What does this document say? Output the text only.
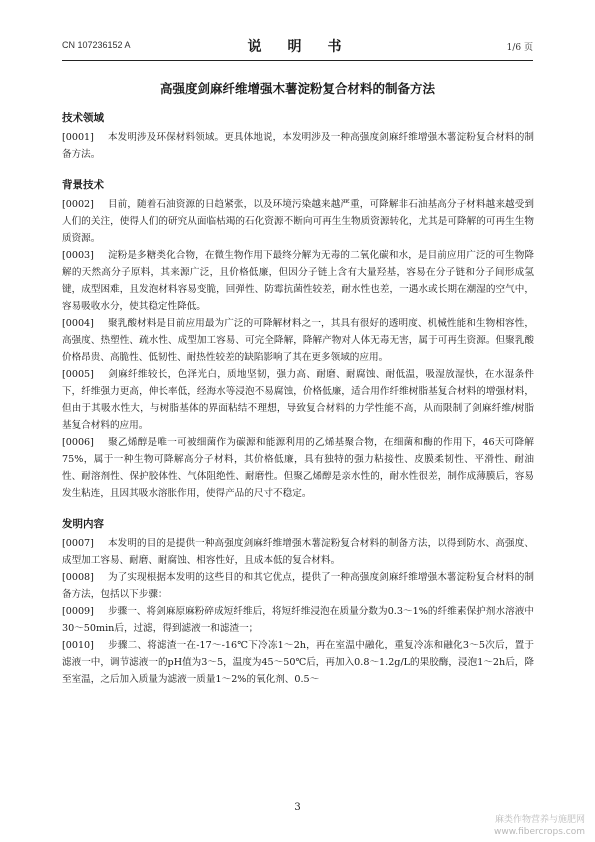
CN 107236152 A	说　明　书	1/6 页
高强度剑麻纤维增强木薯淀粉复合材料的制备方法
技术领域

[0001] 本发明涉及环保材料领域。更具体地说，本发明涉及一种高强度剑麻纤维增强木薯淀粉复合材料的制备方法。

背景技术

[0002] 目前，随着石油资源的日趋紧张，以及环境污染越来越严重，可降解非石油基高分子材料越来越受到人们的关注，使得人们的研究从面临枯竭的石化资源不断向可再生生物质资源转化，尤其是可降解的可再生生物质资源。

[0003] 淀粉是多糖类化合物，在微生物作用下最终分解为无毒的二氧化碳和水，是目前应用广泛的可生物降解的天然高分子原料，其来源广泛，且价格低廉，但因分子链上含有大量羟基，容易在分子链和分子间形成氢键，成型困难，且发泡材料容易变脆，回弹性、防霉抗菌性较差，耐水性也差，一遇水或长期在潮湿的空气中，容易吸收水分，使其稳定性降低。

[0004] 聚乳酸材料是目前应用最为广泛的可降解材料之一，其具有很好的透明度、机械性能和生物相容性，高强度、热塑性、疏水性、成型加工容易、可完全降解，降解产物对人体无毒无害，属于可再生资源。但聚乳酸价格昂贵、高脆性、低韧性、耐热性较差的缺陷影响了其在更多领域的应用。

[0005] 剑麻纤维较长，色泽光白，质地坚韧，强力高、耐磨、耐腐蚀、耐低温，吸湿放湿快，在水湿条件下，纤维强力更高，伸长率低，经海水等浸泡不易腐蚀，价格低廉，适合用作纤维树脂基复合材料的增强材料，但由于其吸水性大，与树脂基体的界面粘结不理想，导致复合材料的力学性能不高，从而限制了剑麻纤维/树脂基复合材料的应用。

[0006] 聚乙烯醇是唯一可被细菌作为碳源和能源利用的乙烯基聚合物，在细菌和酶的作用下，46天可降解75%，属于一种生物可降解高分子材料，其价格低廉，具有独特的强力粘接性、皮膜柔韧性、平滑性、耐油性、耐溶剂性、保护胶体性、气体阻绝性、耐磨性。但聚乙烯醇是亲水性的，耐水性很差，制作成薄膜后，容易发生粘连，且因其吸水溶胀作用，使得产品的尺寸不稳定。

发明内容

[0007] 本发明的目的是提供一种高强度剑麻纤维增强木薯淀粉复合材料的制备方法，以得到防水、高强度、成型加工容易、耐磨、耐腐蚀、相容性好，且成本低的复合材料。

[0008] 为了实现根据本发明的这些目的和其它优点，提供了一种高强度剑麻纤维增强木薯淀粉复合材料的制备方法，包括以下步骤：

[0009] 步骤一、将剑麻原麻粉碎成短纤维后，将短纤维浸泡在质量分数为0.3～1%的纤维素保护剂水溶液中30～50min后，过滤，得到滤液一和滤渣一；

[0010] 步骤二、将滤渣一在-17～-16℃下冷冻1～2h，再在室温中融化，重复冷冻和融化3～5次后，置于滤液一中，调节滤液一的pH值为3～5，温度为45～50℃后，再加入0.8～1.2g/L的果胶酶，浸泡1～2h后，降至室温，之后加入质量为滤液一质量1～2%的氧化剂、0.5～

3
麻类作物营养与施肥网
www.fibercrops.com
